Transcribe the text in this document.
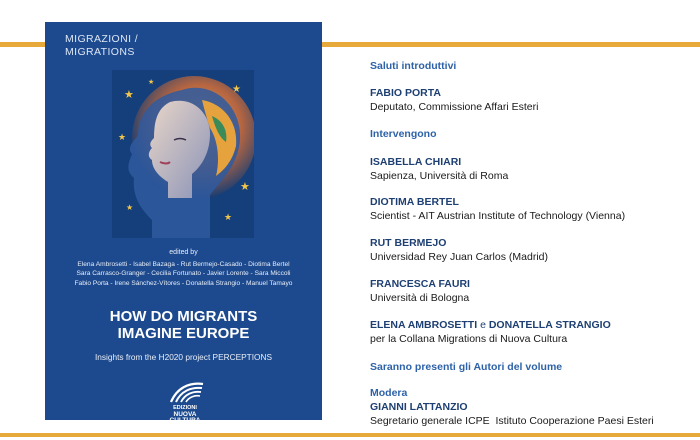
MIGRAZIONI /
MIGRATIONS
★	★
★
★
★
★
★
edited by
Elena Ambrosetti - Isabel Bazaga - Rut Bermejo-Casado - Diotima Bertel
Sara Carrasco-Granger - Cecilia Fortunato - Javier Lorente - Sara Miccoli
Fabio Porta - Irene Sánchez-Vítores - Donatella Strangio - Manuel Tamayo
HOW DO MIGRANTS
IMAGINE EUROPE
Insights from the H2020 project PERCEPTIONS
EDIZIONI
NUOVA
CULTURA
Saluti introduttivi
FABIO PORTA
Deputato, Commissione Affari Esteri
Intervengono
ISABELLA CHIARI
Sapienza, Università di Roma
DIOTIMA BERTEL
Scientist - AIT Austrian Institute of Technology (Vienna)
RUT BERMEJO
Universidad Rey Juan Carlos (Madrid)
FRANCESCA FAURI
Università di Bologna
ELENA AMBROSETTI e DONATELLA STRANGIO
per la Collana Migrations di Nuova Cultura
Saranno presenti gli Autori del volume
Modera
GIANNI LATTANZIO
Segretario generale ICPE  Istituto Cooperazione Paesi Esteri
